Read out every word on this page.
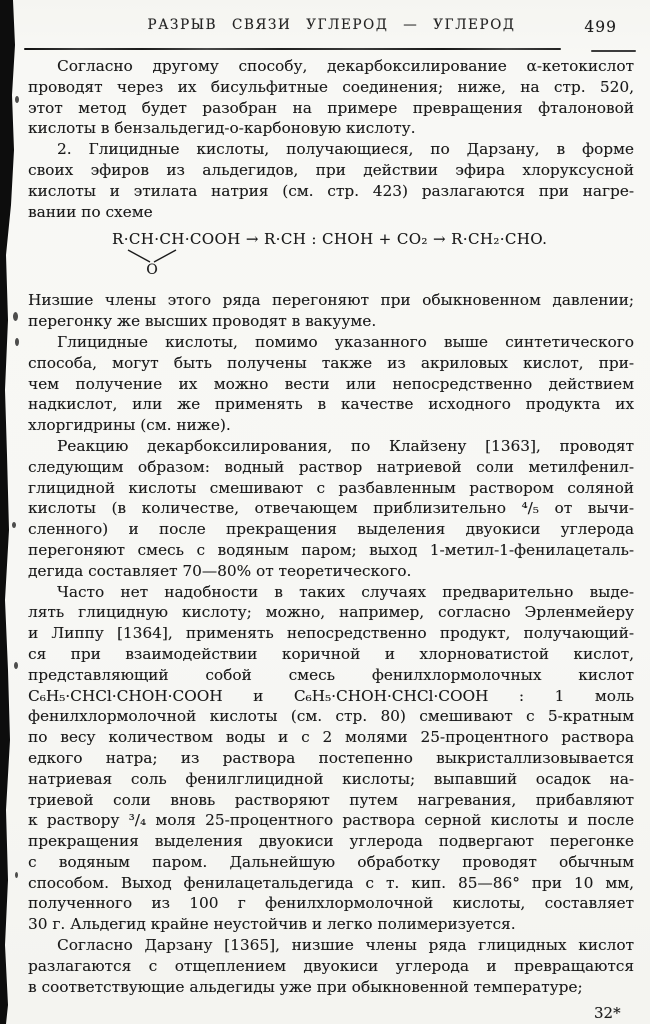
РАЗРЫВ СВЯЗИ УГЛЕРОД — УГЛЕРОД	499

Согласно другому способу, декарбоксилирование α-кетокислот
проводят через их бисульфитные соединения; ниже, на стр. 520,
этот метод будет разобран на примере превращения фталоновой
кислоты в бензальдегид-о-карбоновую кислоту.

2. Глицидные кислоты, получающиеся, по Дарзану, в форме
своих эфиров из альдегидов, при действии эфира хлоруксусной
кислоты и этилата натрия (см. стр. 423) разлагаются при нагре-
вании по схеме

R·CH·CH·COOH → R·CH : CHOH + CO₂ → R·CH₂·CHO.
O

Низшие члены этого ряда перегоняют при обыкновенном давлении;
перегонку же высших проводят в вакууме.

Глицидные кислоты, помимо указанного выше синтетического
способа, могут быть получены также из акриловых кислот, при-
чем получение их можно вести или непосредственно действием
надкислот, или же применять в качестве исходного продукта их
хлоргидрины (см. ниже).

Реакцию декарбоксилирования, по Клайзену [1363], проводят
следующим образом: водный раствор натриевой соли метилфенил-
глицидной кислоты смешивают с разбавленным раствором соляной
кислоты (в количестве, отвечающем приблизительно ⁴/₅ от вычи-
сленного) и после прекращения выделения двуокиси углерода
перегоняют смесь с водяным паром; выход 1-метил-1-фенилацеталь-
дегида составляет 70—80% от теоретического.

Часто нет надобности в таких случаях предварительно выде-
лять глицидную кислоту; можно, например, согласно Эрленмейеру
и Липпу [1364], применять непосредственно продукт, получающий-
ся при взаимодействии коричной и хлорноватистой кислот,
представляющий собой смесь фенилхлормолочных кислот
C₆H₅·CHCl·CHOH·COOH и C₆H₅·CHOH·CHCl·COOH : 1 моль
фенилхлормолочной кислоты (см. стр. 80) смешивают с 5-кратным
по весу количеством воды и с 2 молями 25-процентного раствора
едкого натра; из раствора постепенно выкристаллизовывается
натриевая соль фенилглицидной кислоты; выпавший осадок на-
триевой соли вновь растворяют путем нагревания, прибавляют
к раствору ³/₄ моля 25-процентного раствора серной кислоты и после
прекращения выделения двуокиси углерода подвергают перегонке
с водяным паром. Дальнейшую обработку проводят обычным
способом. Выход фенилацетальдегида с т. кип. 85—86° при 10 мм,
полученного из 100 г фенилхлормолочной кислоты, составляет
30 г. Альдегид крайне неустойчив и легко полимеризуется.

Согласно Дарзану [1365], низшие члены ряда глицидных кислот
разлагаются с отщеплением двуокиси углерода и превращаются
в соответствующие альдегиды уже при обыкновенной температуре;

32*
